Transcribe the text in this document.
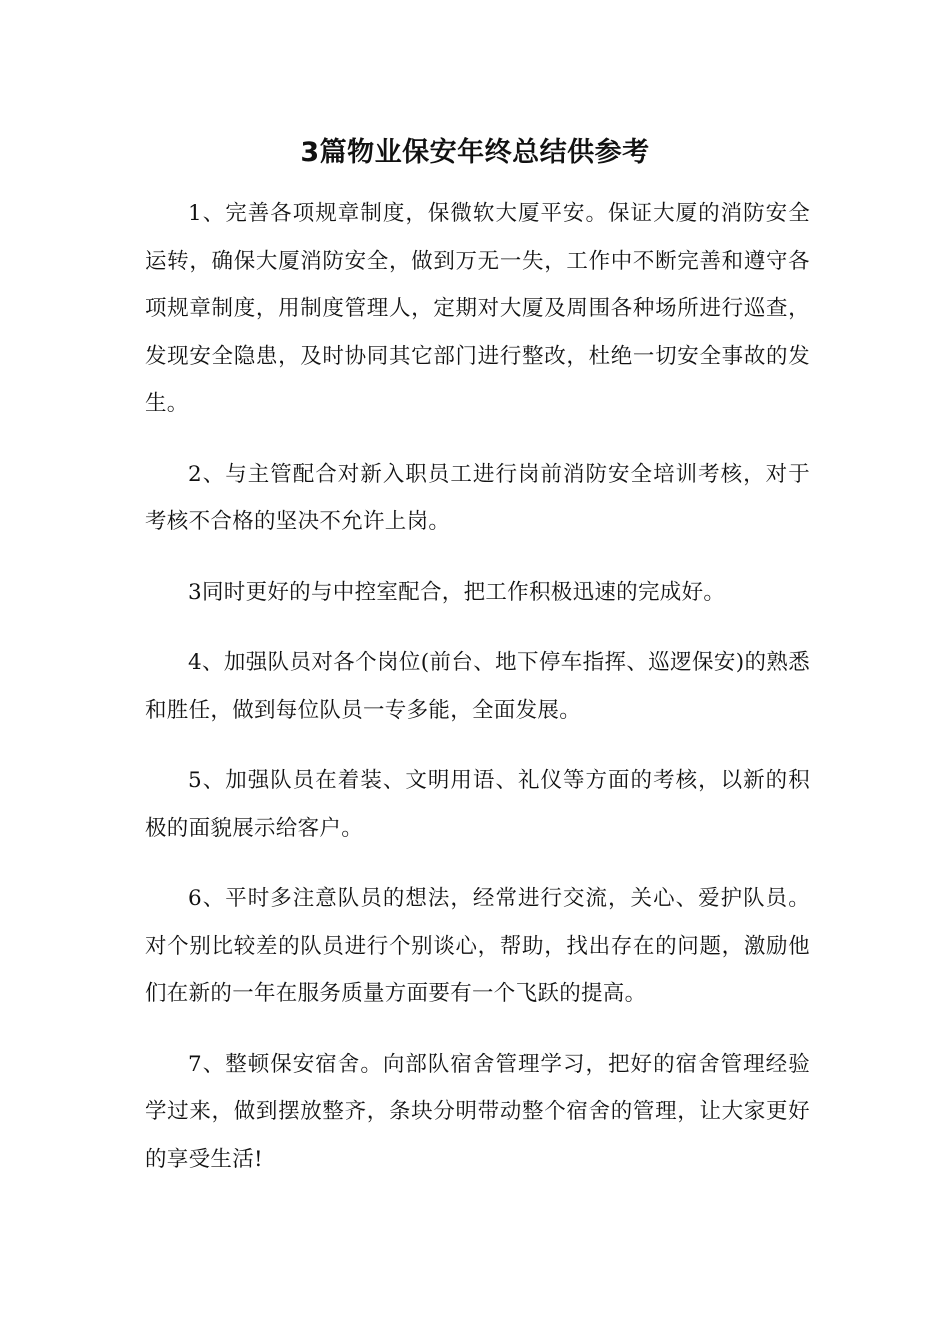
3篇物业保安年终总结供参考

1、完善各项规章制度，保微软大厦平安。保证大厦的消防安全运转，确保大厦消防安全，做到万无一失，工作中不断完善和遵守各项规章制度，用制度管理人，定期对大厦及周围各种场所进行巡查，发现安全隐患，及时协同其它部门进行整改，杜绝一切安全事故的发生。

2、与主管配合对新入职员工进行岗前消防安全培训考核，对于考核不合格的坚决不允许上岗。

3同时更好的与中控室配合，把工作积极迅速的完成好。

4、加强队员对各个岗位(前台、地下停车指挥、巡逻保安)的熟悉和胜任，做到每位队员一专多能，全面发展。

5、加强队员在着装、文明用语、礼仪等方面的考核，以新的积极的面貌展示给客户。

6、平时多注意队员的想法，经常进行交流，关心、爱护队员。对个别比较差的队员进行个别谈心，帮助，找出存在的问题，激励他们在新的一年在服务质量方面要有一个飞跃的提高。

7、整顿保安宿舍。向部队宿舍管理学习，把好的宿舍管理经验学过来，做到摆放整齐，条块分明带动整个宿舍的管理，让大家更好的享受生活!
